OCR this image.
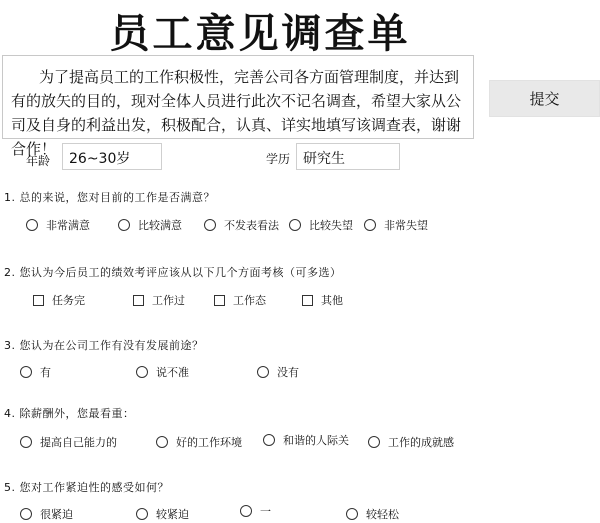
员工意见调查单
为了提高员工的工作积极性，完善公司各方面管理制度，并达到有的放矢的目的，现对全体人员进行此次不记名调查，希望大家从公司及自身的利益出发，积极配合，认真、详实地填写该调查表，谢谢合作！
提交
年龄	26~30岁	学历 研究生
1. 总的来说，您对目前的工作是否满意？
非常满意	比较满意	不发表看法	比较失望	非常失望
2. 您认为今后员工的绩效考评应该从以下几个方面考核（可多选）
任务完	工作过	工作态	其他
3. 您认为在公司工作有没有发展前途？
有	说不准	没有
4. 除薪酬外，您最看重：
提高自己能力的	好的工作环境	和谐的人际关	工作的成就感
5. 您对工作紧迫性的感受如何？
很紧迫	较紧迫	一	较轻松
